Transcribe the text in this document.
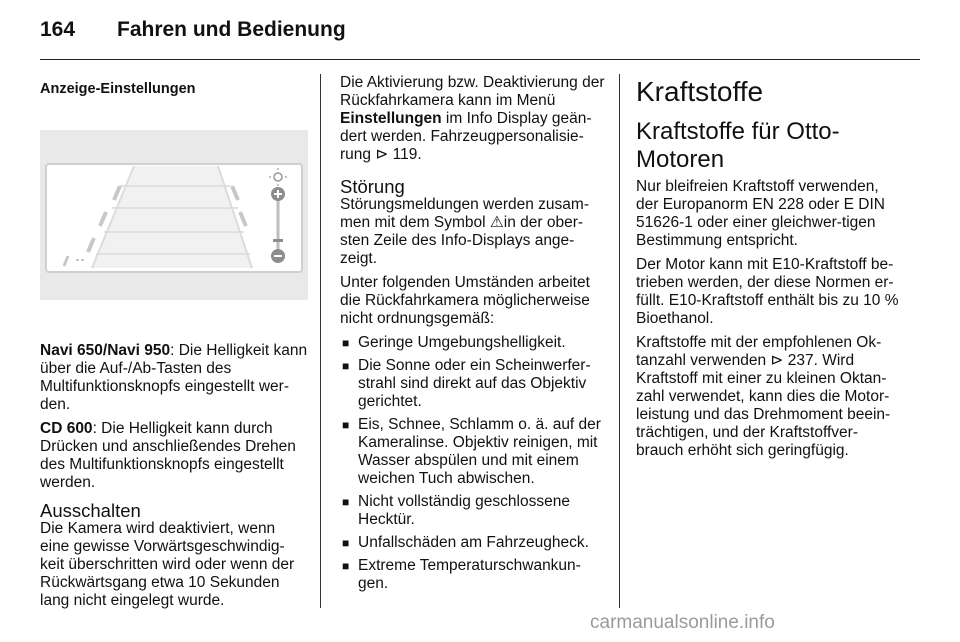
164 Fahren und Bedienung
Anzeige-Einstellungen

Navi 650/Navi 950: Die Helligkeit kann über die Auf-/Ab-Tasten des Multifunktionsknopfs eingestellt wer-den.

CD 600: Die Helligkeit kann durch Drücken und anschließendes Drehen des Multifunktionsknopfs eingestellt werden.

Ausschalten

Die Kamera wird deaktiviert, wenn eine gewisse Vorwärtsgeschwindig-keit überschritten wird oder wenn der Rückwärtsgang etwa 10 Sekunden lang nicht eingelegt wurde.

Die Aktivierung bzw. Deaktivierung der Rückfahrkamera kann im Menü Einstellungen im Info Display geän-dert werden. Fahrzeugpersonalisie-rung ⊳ 119.

Störung

Störungsmeldungen werden zusam-men mit dem Symbol ⚠in der ober-sten Zeile des Info-Displays ange-zeigt.

Unter folgenden Umständen arbeitet die Rückfahrkamera möglicherweise nicht ordnungsgemäß:

■ Geringe Umgebungshelligkeit.
■ Die Sonne oder ein Scheinwerfer-strahl sind direkt auf das Objektiv gerichtet.
■ Eis, Schnee, Schlamm o. ä. auf der Kameralinse. Objektiv reinigen, mit Wasser abspülen und mit einem weichen Tuch abwischen.
■ Nicht vollständig geschlossene Hecktür.
■ Unfallschäden am Fahrzeugheck.
■ Extreme Temperaturschwankun-gen.
Kraftstoffe
Kraftstoffe für Otto-Motoren

Nur bleifreien Kraftstoff verwenden, der Europanorm EN 228 oder E DIN 51626-1 oder einer gleichwer-tigen Bestimmung entspricht.

Der Motor kann mit E10-Kraftstoff be-trieben werden, der diese Normen er-füllt. E10-Kraftstoff enthält bis zu 10 % Bioethanol.

Kraftstoffe mit der empfohlenen Ok-tanzahl verwenden ⊳ 237. Wird Kraftstoff mit einer zu kleinen Oktan-zahl verwendet, kann dies die Motor-leistung und das Drehmoment beein-trächtigen, und der Kraftstoffver-brauch erhöht sich geringfügig.

carmanualsonline.info
